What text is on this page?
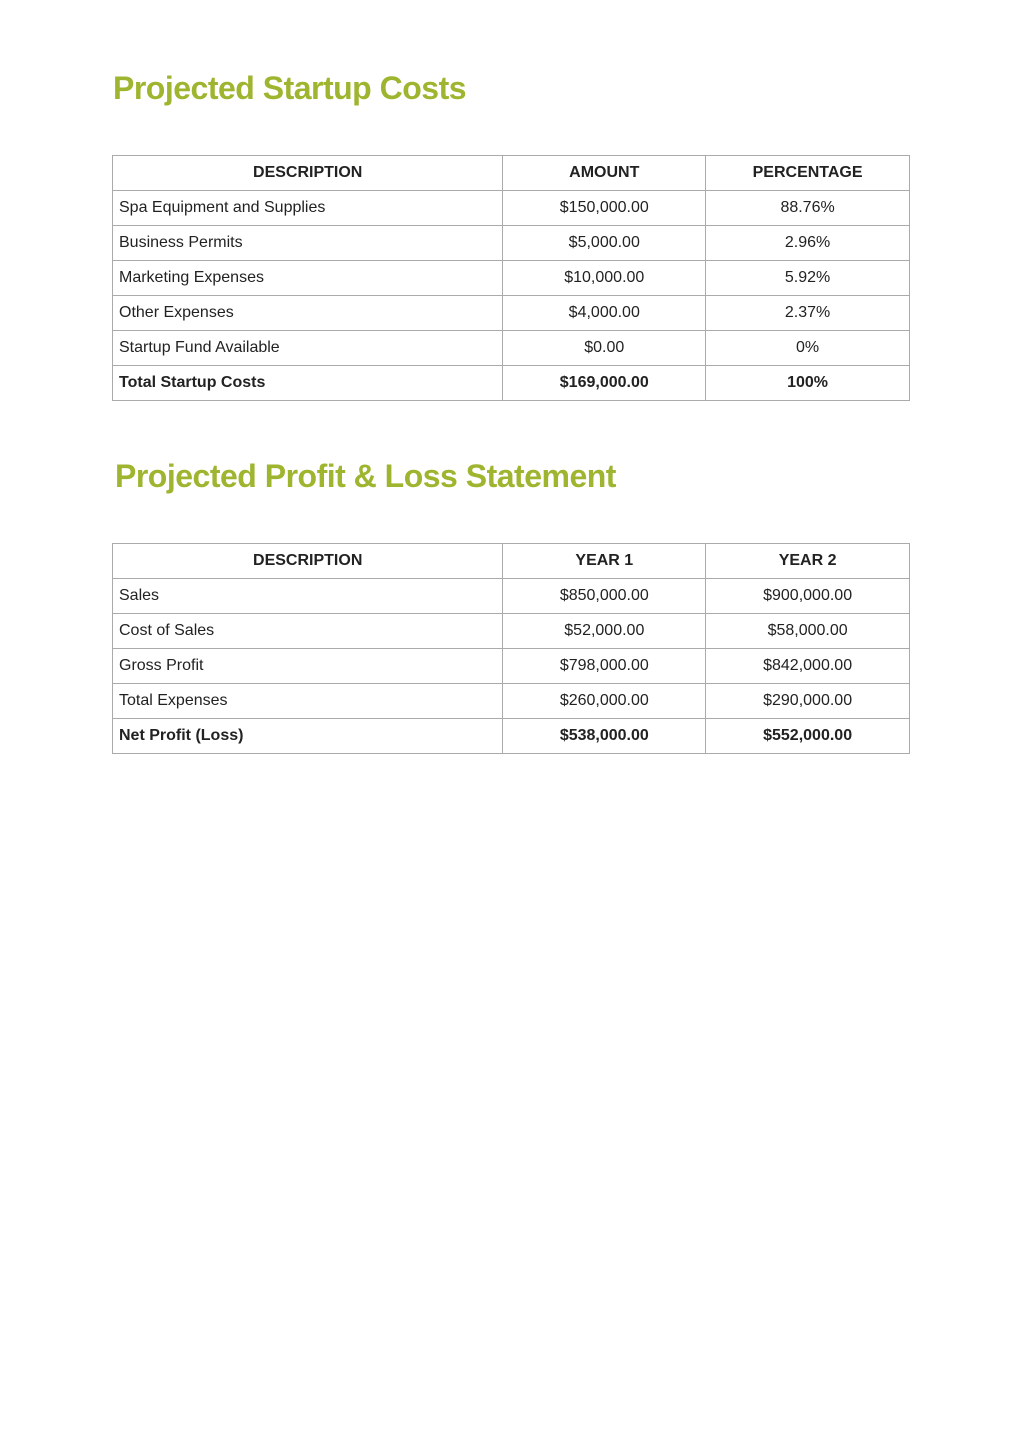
Projected Startup Costs
DESCRIPTION	AMOUNT	PERCENTAGE
Spa Equipment and Supplies	$150,000.00	88.76%
Business Permits	$5,000.00	2.96%
Marketing Expenses	$10,000.00	5.92%
Other Expenses	$4,000.00	2.37%
Startup Fund Available	$0.00	0%
Total Startup Costs	$169,000.00	100%
Projected Profit & Loss Statement
DESCRIPTION	YEAR 1	YEAR 2
Sales	$850,000.00	$900,000.00
Cost of Sales	$52,000.00	$58,000.00
Gross Profit	$798,000.00	$842,000.00
Total Expenses	$260,000.00	$290,000.00
Net Profit (Loss)	$538,000.00	$552,000.00
